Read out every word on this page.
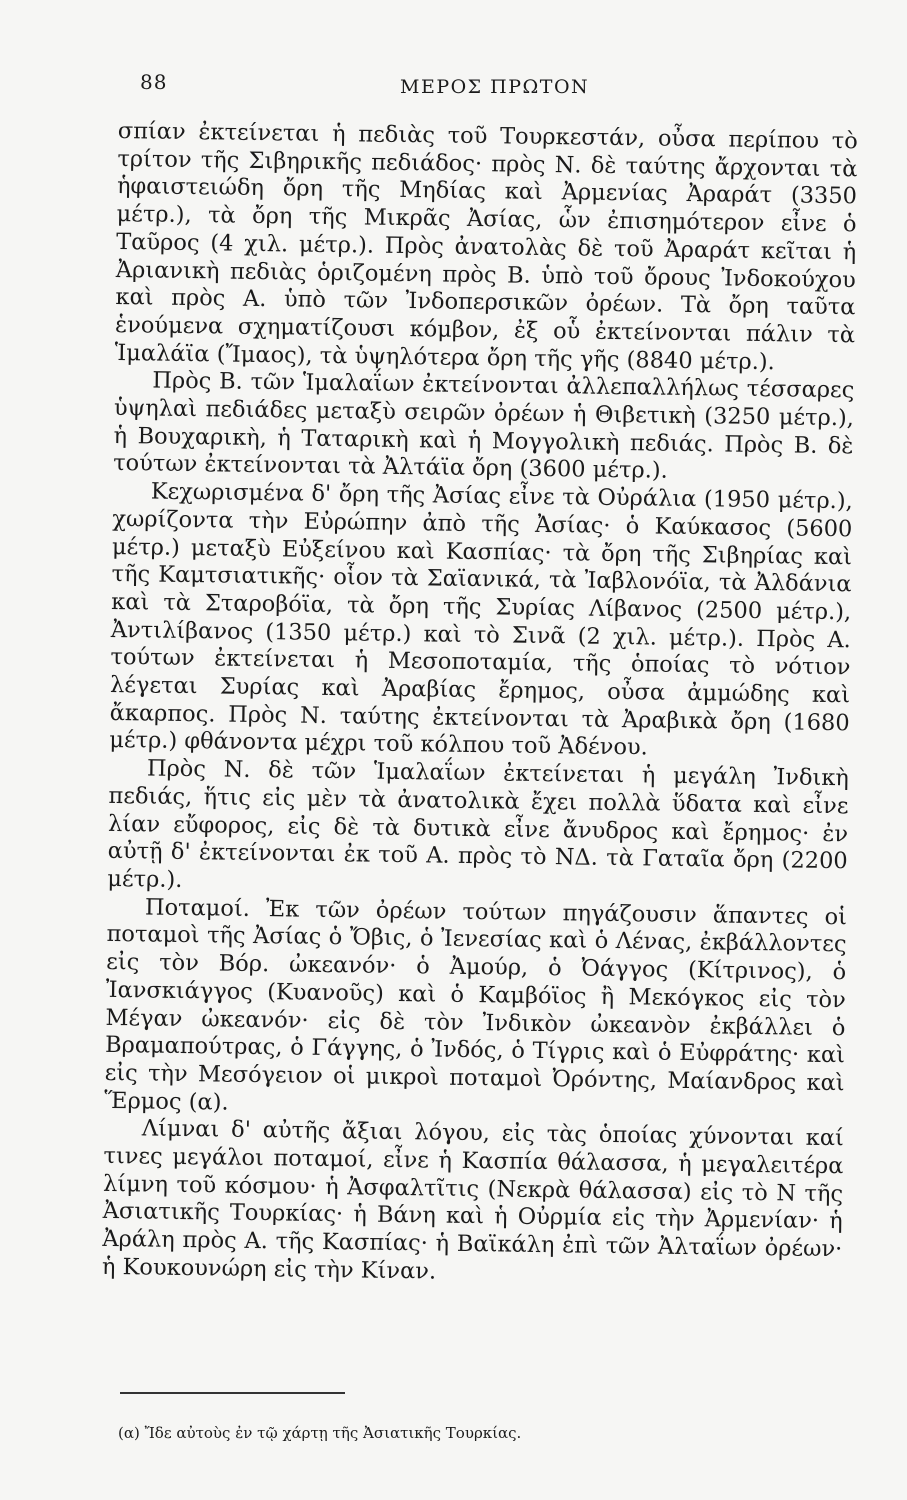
88	ΜΕΡΟΣ ΠΡΩΤΟΝ

σπίαν ἐκτείνεται ἡ πεδιὰς τοῦ Τουρκεστάν, οὖσα περίπου τὸ τρίτον τῆς Σιβηρικῆς πεδιάδος· πρὸς Ν. δὲ ταύτης ἄρχονται τὰ ἡφαιστειώδη ὄρη τῆς Μηδίας καὶ Ἀρμενίας Ἀραράτ (3350 μέτρ.), τὰ ὄρη τῆς Μικρᾶς Ἀσίας, ὧν ἐπισημότερον εἶνε ὁ Ταῦρος (4 χιλ. μέτρ.). Πρὸς ἀνατολὰς δὲ τοῦ Ἀραράτ κεῖται ἡ Ἀριανικὴ πεδιὰς ὁριζομένη πρὸς Β. ὑπὸ τοῦ ὄρους Ἰνδοκούχου καὶ πρὸς Α. ὑπὸ τῶν Ἰνδοπερσικῶν ὀρέων. Τὰ ὄρη ταῦτα ἑνούμενα σχηματίζουσι κόμβον, ἐξ οὗ ἐκτείνονται πάλιν τὰ Ἱμαλάϊα (Ἴμαος), τὰ ὑψηλότερα ὄρη τῆς γῆς (8840 μέτρ.).

Πρὸς Β. τῶν Ἱμαλαΐων ἐκτείνονται ἀλλεπαλλήλως τέσσαρες ὑψηλαὶ πεδιάδες μεταξὺ σειρῶν ὀρέων ἡ Θιβετικὴ (3250 μέτρ.), ἡ Βουχαρικὴ, ἡ Ταταρικὴ καὶ ἡ Μογγολικὴ πεδιάς. Πρὸς Β. δὲ τούτων ἐκτείνονται τὰ Ἀλτάϊα ὄρη (3600 μέτρ.).

Κεχωρισμένα δ' ὄρη τῆς Ἀσίας εἶνε τὰ Οὐράλια (1950 μέτρ.), χωρίζοντα τὴν Εὐρώπην ἀπὸ τῆς Ἀσίας· ὁ Καύκασος (5600 μέτρ.) μεταξὺ Εὐξείνου καὶ Κασπίας· τὰ ὄρη τῆς Σιβηρίας καὶ τῆς Καμτσιατικῆς· οἷον τὰ Σαϊανικά, τὰ Ἰαβλονόϊα, τὰ Ἀλδάνια καὶ τὰ Σταροβόϊα, τὰ ὄρη τῆς Συρίας Λίβανος (2500 μέτρ.), Ἀντιλίβανος (1350 μέτρ.) καὶ τὸ Σινᾶ (2 χιλ. μέτρ.). Πρὸς Α. τούτων ἐκτείνεται ἡ Μεσοποταμία, τῆς ὁποίας τὸ νότιον λέγεται Συρίας καὶ Ἀραβίας ἔρημος, οὖσα ἀμμώδης καὶ ἄκαρπος. Πρὸς Ν. ταύτης ἐκτείνονται τὰ Ἀραβικὰ ὄρη (1680 μέτρ.) φθάνοντα μέχρι τοῦ κόλπου τοῦ Ἀδένου.

Πρὸς Ν. δὲ τῶν Ἱμαλαΐων ἐκτείνεται ἡ μεγάλη Ἰνδικὴ πεδιάς, ἥτις εἰς μὲν τὰ ἀνατολικὰ ἔχει πολλὰ ὕδατα καὶ εἶνε λίαν εὔφορος, εἰς δὲ τὰ δυτικὰ εἶνε ἄνυδρος καὶ ἔρημος· ἐν αὐτῇ δ' ἐκτείνονται ἐκ τοῦ Α. πρὸς τὸ ΝΔ. τὰ Γαταῖα ὄρη (2200 μέτρ.).

Ποταμοί. Ἐκ τῶν ὀρέων τούτων πηγάζουσιν ἅπαντες οἱ ποταμοὶ τῆς Ἀσίας ὁ Ὄβις, ὁ Ἰενεσίας καὶ ὁ Λένας, ἐκβάλλοντες εἰς τὸν Βόρ. ὠκεανόν· ὁ Ἀμούρ, ὁ Ὀάγγος (Κίτρινος), ὁ Ἰανσκιάγγος (Κυανοῦς) καὶ ὁ Καμβόϊος ἢ Μεκόγκος εἰς τὸν Μέγαν ὠκεανόν· εἰς δὲ τὸν Ἰνδικὸν ὠκεανὸν ἐκβάλλει ὁ Βραμαπούτρας, ὁ Γάγγης, ὁ Ἰνδός, ὁ Τίγρις καὶ ὁ Εὐφράτης· καὶ εἰς τὴν Μεσόγειον οἱ μικροὶ ποταμοὶ Ὀρόντης, Μαίανδρος καὶ Ἕρμος (α).

Λίμναι δ' αὐτῆς ἄξιαι λόγου, εἰς τὰς ὁποίας χύνονται καί τινες μεγάλοι ποταμοί, εἶνε ἡ Κασπία θάλασσα, ἡ μεγαλειτέρα λίμνη τοῦ κόσμου· ἡ Ἀσφαλτῖτις (Νεκρὰ θάλασσα) εἰς τὸ Ν τῆς Ἀσιατικῆς Τουρκίας· ἡ Βάνη καὶ ἡ Οὐρμία εἰς τὴν Ἀρμενίαν· ἡ Ἀράλη πρὸς Α. τῆς Κασπίας· ἡ Βαϊκάλη ἐπὶ τῶν Ἀλταΐων ὀρέων· ἡ Κουκουνώρη εἰς τὴν Κίναν.

(α) Ἴδε αὐτοὺς ἐν τῷ χάρτῃ τῆς Ἀσιατικῆς Τουρκίας.
